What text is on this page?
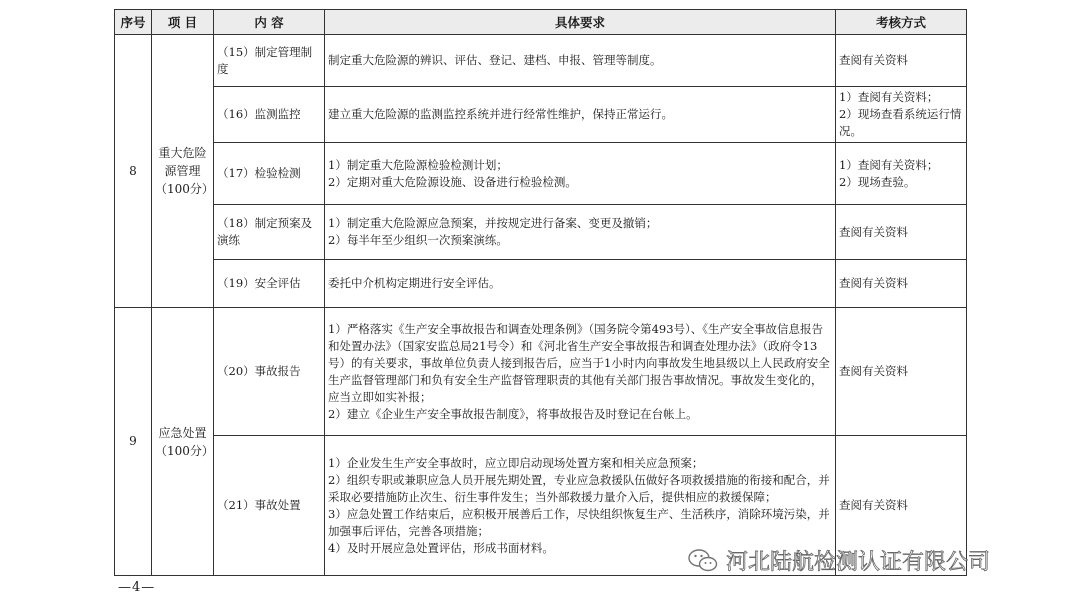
序号	项 目	内 容	具体要求	考核方式
8	重大危险
源管理
（100分）	（15）制定管理制度	制定重大危险源的辨识、评估、登记、建档、申报、管理等制度。	查阅有关资料

		（16）监测监控	建立重大危险源的监测监控系统并进行经常性维护，保持正常运行。	1）查阅有关资料；
2）现场查看系统运行情况。

		（17）检验检测	1）制定重大危险源检验检测计划；
2）定期对重大危险源设施、设备进行检验检测。	1）查阅有关资料；
2）现场查验。

		（18）制定预案及演练	1）制定重大危险源应急预案，并按规定进行备案、变更及撤销；
2）每半年至少组织一次预案演练。	查阅有关资料

		（19）安全评估	委托中介机构定期进行安全评估。	查阅有关资料

9	应急处置
（100分）	（20）事故报告	1）严格落实《生产安全事故报告和调查处理条例》（国务院令第493号）、《生产安全事故信息报告和处置办法》（国家安监总局21号令）和《河北省生产安全事故报告和调查处理办法》（政府令13号）的有关要求，事故单位负责人接到报告后，应当于1小时内向事故发生地县级以上人民政府安全生产监督管理部门和负有安全生产监督管理职责的其他有关部门报告事故情况。事故发生变化的，应当立即如实补报；
2）建立《企业生产安全事故报告制度》，将事故报告及时登记在台帐上。	查阅有关资料

		（21）事故处置	1）企业发生生产安全事故时，应立即启动现场处置方案和相关应急预案；
2）组织专职或兼职应急人员开展先期处置，专业应急救援队伍做好各项救援措施的衔接和配合，并采取必要措施防止次生、衍生事件发生；当外部救援力量介入后，提供相应的救援保障；
3）应急处置工作结束后，应积极开展善后工作，尽快组织恢复生产、生活秩序，消除环境污染，并加强事后评估，完善各项措施；
4）及时开展应急处置评估，形成书面材料。	查阅有关资料
—4—
河北陆航检测认证有限公司
